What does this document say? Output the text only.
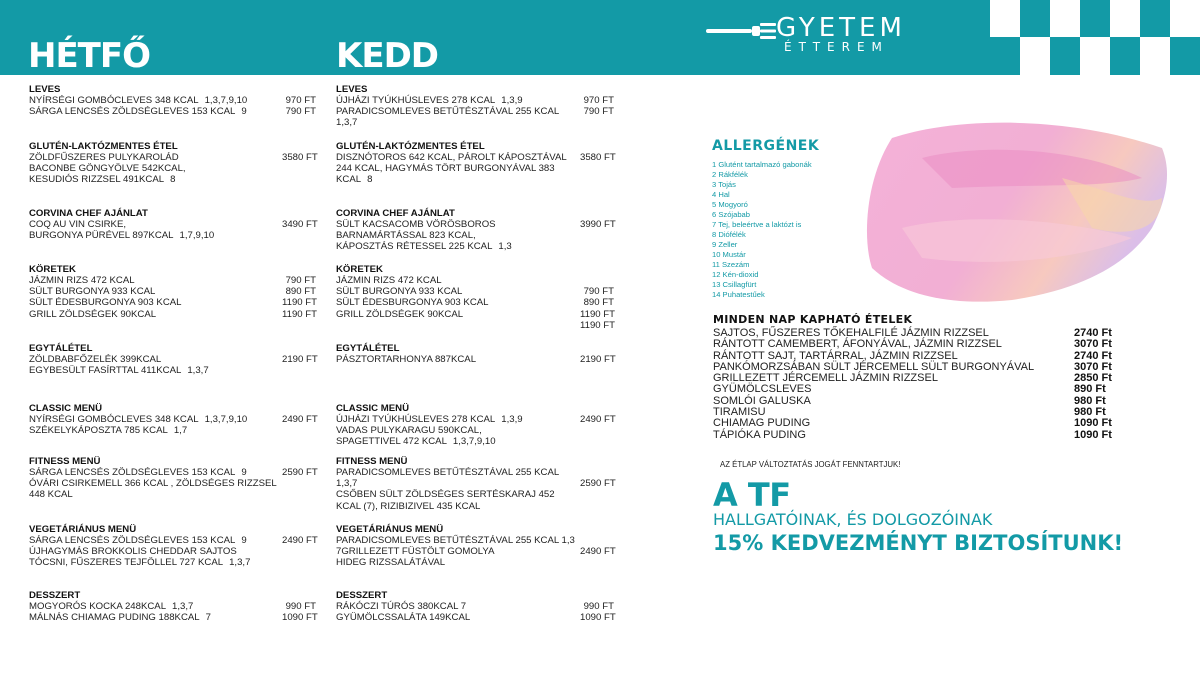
GYETEM
ÉTTEREM
HÉTFŐ	KEDD
LEVES
NYÍRSÉGI GOMBÓCLEVES 348 KCAL 1,3,7,9,10	970 FT
SÁRGA LENCSÉS ZÖLDSÉGLEVES 153 KCAL 9	790 FT
GLUTÉN-LAKTÓZMENTES ÉTEL
ZÖLDFŰSZERES PULYKAROLÁD	3580 FT
BACONBE GÖNGYÖLVE 542KCAL,
KESUDIÓS RIZZSEL 491KCAL 8
CORVINA CHEF AJÁNLAT
COQ AU VIN CSIRKE,	3490 FT
BURGONYA PÜRÉVEL 897KCAL 1,7,9,10
KÖRETEK
JÁZMIN RIZS 472 KCAL	790 FT
SÜLT BURGONYA 933 KCAL	890 FT
SÜLT ÉDESBURGONYA 903 KCAL	1190 FT
GRILL ZÖLDSÉGEK 90KCAL	1190 FT
EGYTÁLÉTEL
ZÖLDBABFŐZELÉK 399KCAL	2190 FT
EGYBESÜLT FASÍRTTAL 411KCAL 1,3,7
CLASSIC MENÜ
NYÍRSÉGI GOMBÓCLEVES 348 KCAL 1,3,7,9,10	2490 FT
SZÉKELYKÁPOSZTA 785 KCAL 1,7
FITNESS MENÜ
SÁRGA LENCSÉS ZÖLDSÉGLEVES 153 KCAL 9	2590 FT
ÓVÁRI CSIRKEMELL 366 KCAL , ZÖLDSÉGES RIZZSEL
448 KCAL
VEGETÁRIÁNUS MENÜ
SÁRGA LENCSÉS ZÖLDSÉGLEVES 153 KCAL 9	2490 FT
ÚJHAGYMÁS BROKKOLIS CHEDDAR SAJTOS
TÓCSNI, FŰSZERES TEJFÖLLEL 727 KCAL 1,3,7
DESSZERT
MOGYORÓS KOCKA 248KCAL 1,3,7	990 FT
MÁLNÁS CHIAMAG PUDING 188KCAL 7	1090 FT
LEVES
ÚJHÁZI TYÚKHÚSLEVES 278 KCAL 1,3,9	970 FT
PARADICSOMLEVES BETŰTÉSZTÁVAL 255 KCAL	790 FT
1,3,7
GLUTÉN-LAKTÓZMENTES ÉTEL
DISZNÓTOROS 642 KCAL, PÁROLT KÁPOSZTÁVAL 3580 FT
244 KCAL, HAGYMÁS TÖRT BURGONYÁVAL 383
KCAL 8
CORVINA CHEF AJÁNLAT
SÜLT KACSACOMB VÖRÖSBOROS	3990 FT
BARNAMÁRTÁSSAL 823 KCAL,
KÁPOSZTÁS RÉTESSEL 225 KCAL 1,3
KÖRETEK
JÁZMIN RIZS 472 KCAL
SÜLT BURGONYA 933 KCAL	790 FT
SÜLT ÉDESBURGONYA 903 KCAL	890 FT
GRILL ZÖLDSÉGEK 90KCAL	1190 FT
1190 FT
EGYTÁLÉTEL
PÁSZTORTARHONYA 887KCAL	2190 FT
CLASSIC MENÜ
ÚJHÁZI TYÚKHÚSLEVES 278 KCAL 1,3,9	2490 FT
VADAS PULYKARAGU 590KCAL,
SPAGETTIVEL 472 KCAL 1,3,7,9,10
FITNESS MENÜ
PARADICSOMLEVES BETŰTÉSZTÁVAL 255 KCAL
1,3,7	2590 FT
CSŐBEN SÜLT ZÖLDSÉGES SERTÉSKARAJ 452
KCAL (7), RIZIBIZIVEL 435 KCAL
VEGETÁRIÁNUS MENÜ
PARADICSOMLEVES BETŰTÉSZTÁVAL 255 KCAL 1,3
7GRILLEZETT FÜSTÖLT GOMOLYA	2490 FT
HIDEG RIZSSALÁTÁVAL
DESSZERT
RÁKÓCZI TÚRÓS 380KCAL 7	990 FT
GYÜMÖLCSSALÁTA 149KCAL	1090 FT
ALLERGÉNEK
1 Glutént tartalmazó gabonák
2 Rákfélék
3 Tojás
4 Hal
5 Mogyoró
6 Szójabab
7 Tej, beleértve a laktózt is
8 Diófélék
9 Zeller
10 Mustár
11 Szezám
12 Kén-dioxid
13 Csillagfürt
14 Puhatestűek
MINDEN NAP KAPHATÓ ÉTELEK
SAJTOS, FŰSZERES TŐKEHALFILÉ JÁZMIN RIZZSEL	2740 Ft
RÁNTOTT CAMEMBERT, ÁFONYÁVAL, JÁZMIN RIZZSEL	3070 Ft
RÁNTOTT SAJT, TARTÁRRAL, JÁZMIN RIZZSEL	2740 Ft
PANKÓMORZSÁBAN SÜLT JÉRCEMELL SÜLT BURGONYÁVAL	3070 Ft
GRILLEZETT JÉRCEMELL JÁZMIN RIZZSEL	2850 Ft
GYÜMÖLCSLEVES	890 Ft
SOMLÓI GALUSKA	980 Ft
TIRAMISU	980 Ft
CHIAMAG PUDING	1090 Ft
TÁPIÓKA PUDING	1090 Ft
AZ ÉTLAP VÁLTOZTATÁS JOGÁT FENNTARTJUK!
A TF
HALLGATÓINAK, ÉS DOLGOZÓINAK
15% KEDVEZMÉNYT BIZTOSÍTUNK!
